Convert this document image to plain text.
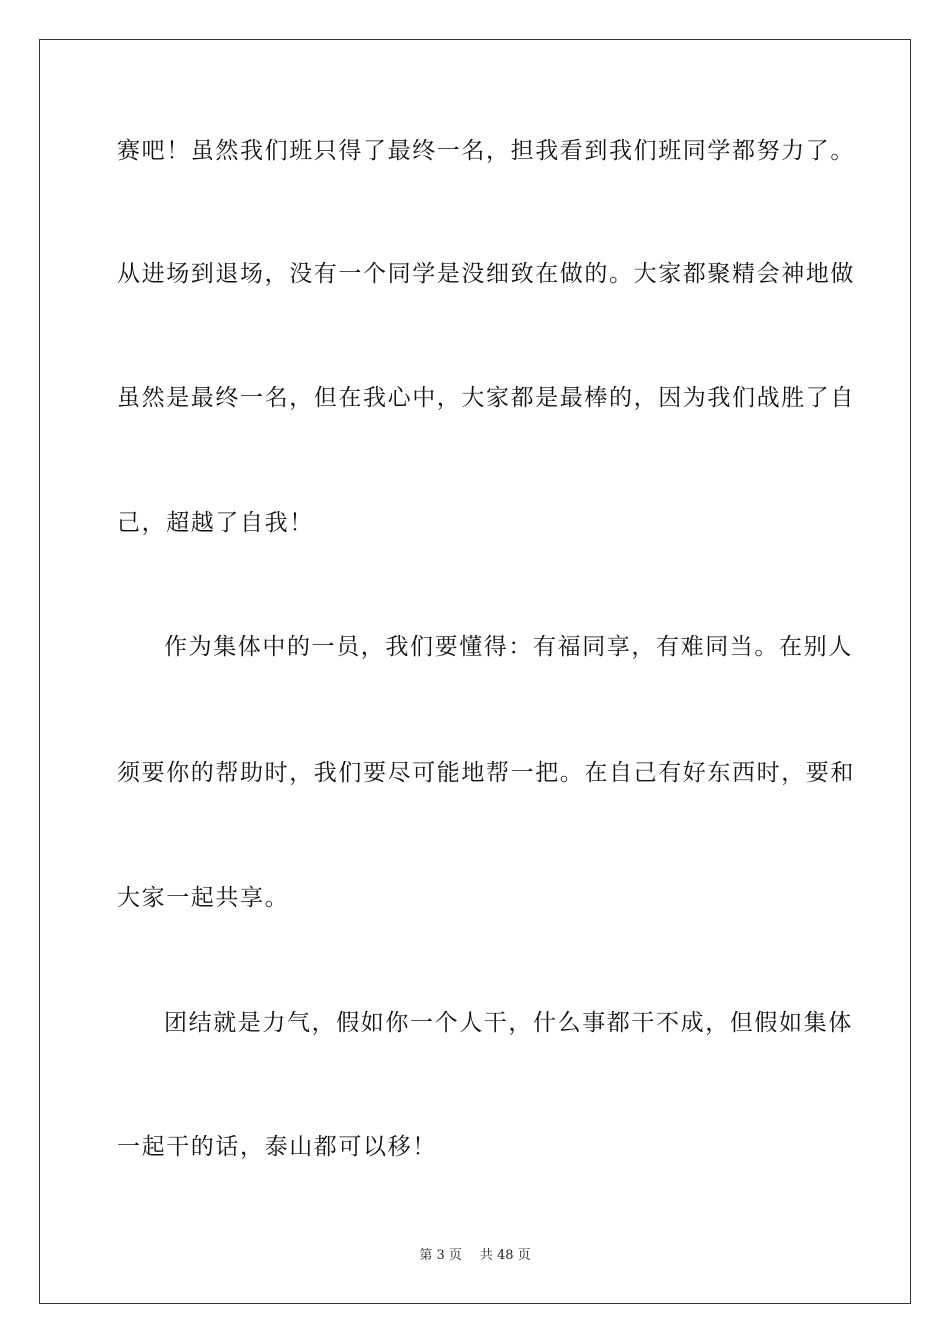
赛吧！虽然我们班只得了最终一名，担我看到我们班同学都努力了。
从进场到退场，没有一个同学是没细致在做的。大家都聚精会神地做
虽然是最终一名，但在我心中，大家都是最棒的，因为我们战胜了自
己，超越了自我！
作为集体中的一员，我们要懂得：有福同享，有难同当。在别人
须要你的帮助时，我们要尽可能地帮一把。在自己有好东西时，要和
大家一起共享。
团结就是力气，假如你一个人干，什么事都干不成，但假如集体
一起干的话，泰山都可以移！
第 3 页 共 48 页
